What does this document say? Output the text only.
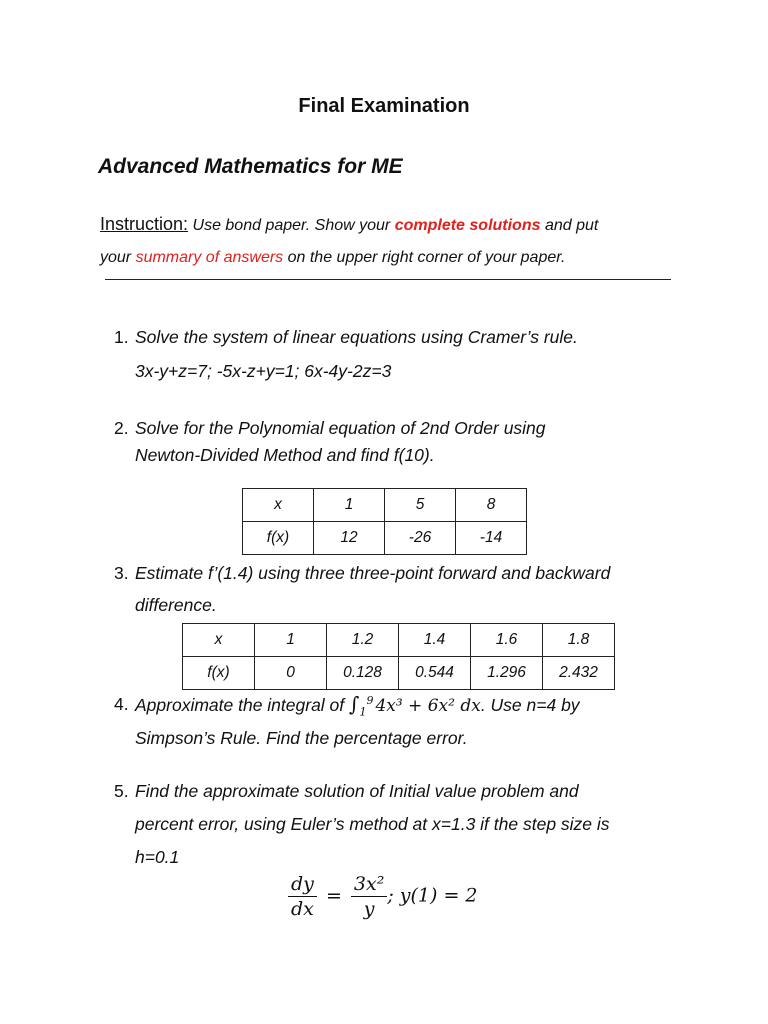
Final Examination
Advanced Mathematics for ME
Instruction: Use bond paper. Show your complete solutions and put
your summary of answers on the upper right corner of your paper.
1. Solve the system of linear equations using Cramer’s rule.
3x-y+z=7; -5x-z+y=1; 6x-4y-2z=3
2. Solve for the Polynomial equation of 2nd Order using
Newton-Divided Method and find f(10).
x	1	5	8
f(x)	12	-26	-14
3. Estimate f’(1.4) using three three-point forward and backward
difference.
x	1	1.2	1.4	1.6	1.8
f(x)	0	0.128	0.544	1.296	2.432
4. Approximate the integral of $\int_1^9$ 4x³ + 6x² dx. Use n=4 by
Simpson’s Rule. Find the percentage error.
5. Find the approximate solution of Initial value problem and
percent error, using Euler’s method at x=1.3 if the step size is
h=0.1
$\frac{dy}{dx} = \frac{\text{3x²}}{y}$ ; y(1) = 2
